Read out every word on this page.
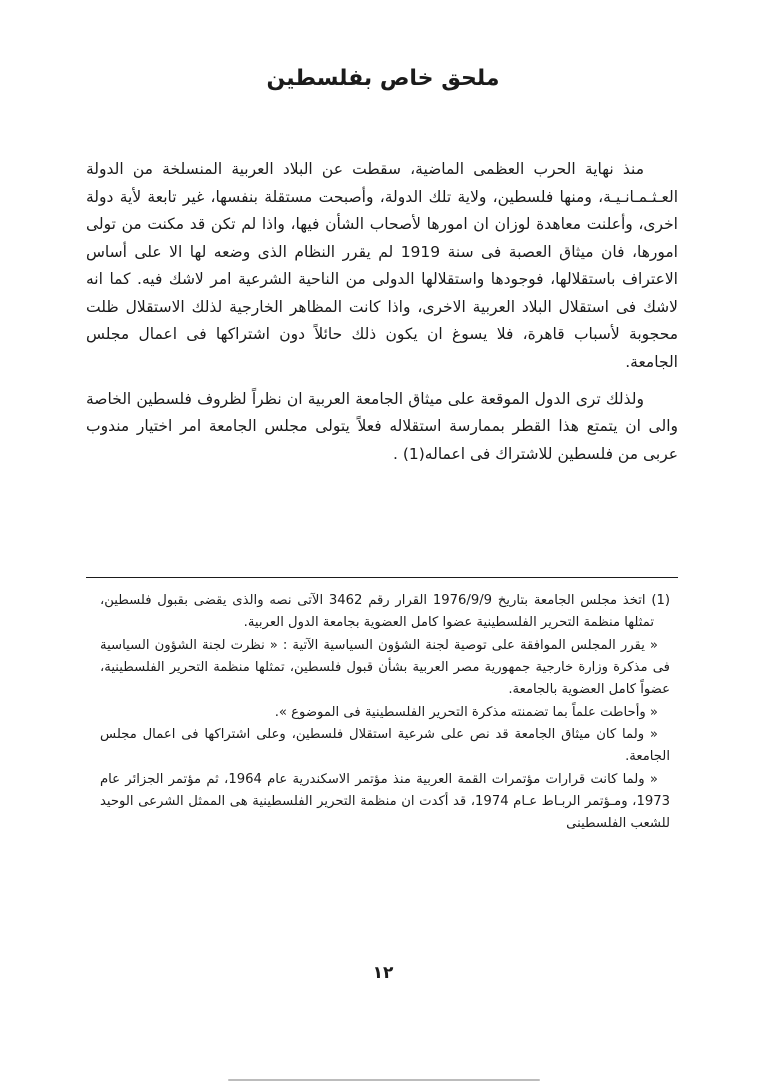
ملحق خاص بفلسطين

منذ نهاية الحرب العظمى الماضية، سقطت عن البلاد العربية المنسلخة من الدولة العـثـمـانـيـة، ومنها فلسطين، ولاية تلك الدولة، وأصبحت مستقلة بنفسها، غير تابعة لأية دولة اخرى، وأعلنت معاهدة لوزان ان امورها لأصحاب الشأن فيها، واذا لم تكن قد مكنت من تولى امورها، فان ميثاق العصبة فى سنة 1919 لم يقرر النظام الذى وضعه لها الا على أساس الاعتراف باستقلالها، فوجودها واستقلالها الدولى من الناحية الشرعية امر لاشك فيه. كما انه لاشك فى استقلال البلاد العربية الاخرى، واذا كانت المظاهر الخارجية لذلك الاستقلال ظلت محجوبة لأسباب قاهرة، فلا يسوغ ان يكون ذلك حائلاً دون اشتراكها فى اعمال مجلس الجامعة.

ولذلك ترى الدول الموقعة على ميثاق الجامعة العربية ان نظراً لظروف فلسطين الخاصة والى ان يتمتع هذا القطر بممارسة استقلاله فعلاً يتولى مجلس الجامعة امر اختيار مندوب عربى من فلسطين للاشتراك فى اعماله(1) .

(1) اتخذ مجلس الجامعة بتاريخ 1976/9/9 القرار رقم 3462 الآتى نصه والذى يقضى بقبول فلسطين، تمثلها منظمة التحرير الفلسطينية عضوا كامل العضوية بجامعة الدول العربية.

« يقرر المجلس الموافقة على توصية لجنة الشؤون السياسية الآتية : « نظرت لجنة الشؤون السياسية فى مذكرة وزارة خارجية جمهورية مصر العربية بشأن قبول فلسطين، تمثلها منظمة التحرير الفلسطينية، عضواً كامل العضوية بالجامعة.

« وأحاطت علماً بما تضمنته مذكرة التحرير الفلسطينية فى الموضوع ».

« ولما كان ميثاق الجامعة قد نص على شرعية استقلال فلسطين، وعلى اشتراكها فى اعمال مجلس الجامعة.

« ولما كانت قرارات مؤتمرات القمة العربية منذ مؤتمر الاسكندرية عام 1964، ثم مؤتمر الجزائر عام 1973، ومـؤتمر الربـاط عـام 1974، قد أكدت ان منظمة التحرير الفلسطينية هى الممثل الشرعى الوحيد للشعب الفلسطينى

١٢
